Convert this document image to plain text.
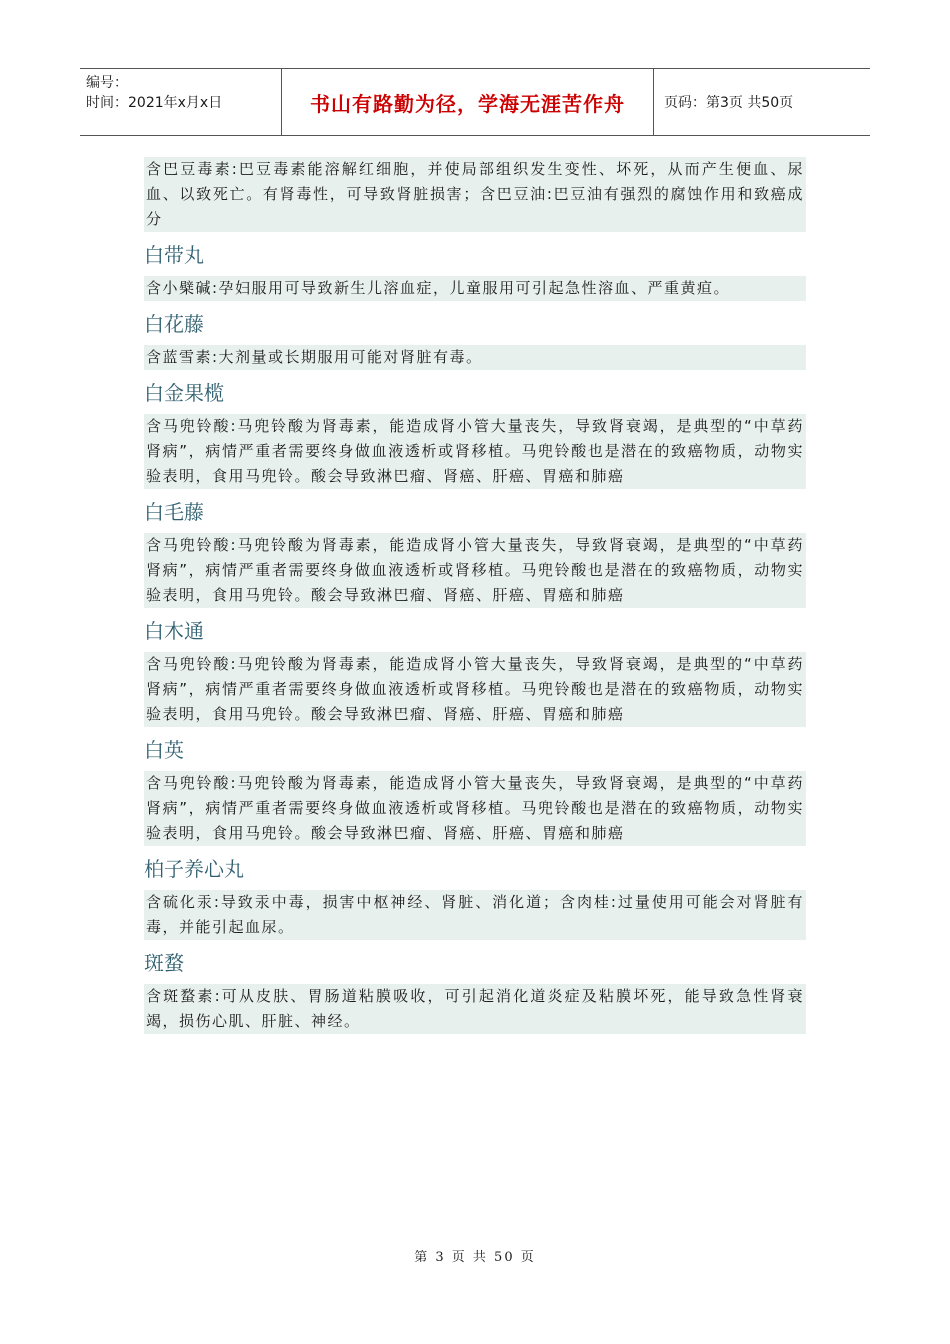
编号：
时间：2021年x月x日	书山有路勤为径，学海无涯苦作舟	页码：第3页 共50页
含巴豆毒素:巴豆毒素能溶解红细胞，并使局部组织发生变性、坏死，从而产生便血、尿血、以致死亡。有肾毒性，可导致肾脏损害；含巴豆油:巴豆油有强烈的腐蚀作用和致癌成分
白带丸
含小檗碱:孕妇服用可导致新生儿溶血症，儿童服用可引起急性溶血、严重黄疸。
白花藤
含蓝雪素:大剂量或长期服用可能对肾脏有毒。
白金果榄
含马兜铃酸:马兜铃酸为肾毒素，能造成肾小管大量丧失，导致肾衰竭，是典型的“中草药肾病”，病情严重者需要终身做血液透析或肾移植。马兜铃酸也是潜在的致癌物质，动物实验表明，食用马兜铃。酸会导致淋巴瘤、肾癌、肝癌、胃癌和肺癌
白毛藤
含马兜铃酸:马兜铃酸为肾毒素，能造成肾小管大量丧失，导致肾衰竭，是典型的“中草药肾病”，病情严重者需要终身做血液透析或肾移植。马兜铃酸也是潜在的致癌物质，动物实验表明，食用马兜铃。酸会导致淋巴瘤、肾癌、肝癌、胃癌和肺癌
白木通
含马兜铃酸:马兜铃酸为肾毒素，能造成肾小管大量丧失，导致肾衰竭，是典型的“中草药肾病”，病情严重者需要终身做血液透析或肾移植。马兜铃酸也是潜在的致癌物质，动物实验表明，食用马兜铃。酸会导致淋巴瘤、肾癌、肝癌、胃癌和肺癌
白英
含马兜铃酸:马兜铃酸为肾毒素，能造成肾小管大量丧失，导致肾衰竭，是典型的“中草药肾病”，病情严重者需要终身做血液透析或肾移植。马兜铃酸也是潜在的致癌物质，动物实验表明，食用马兜铃。酸会导致淋巴瘤、肾癌、肝癌、胃癌和肺癌
柏子养心丸
含硫化汞:导致汞中毒，损害中枢神经、肾脏、消化道；含肉桂:过量使用可能会对肾脏有毒，并能引起血尿。
斑蝥
含斑蝥素:可从皮肤、胃肠道粘膜吸收，可引起消化道炎症及粘膜坏死，能导致急性肾衰竭，损伤心肌、肝脏、神经。
第 3 页 共 50 页
